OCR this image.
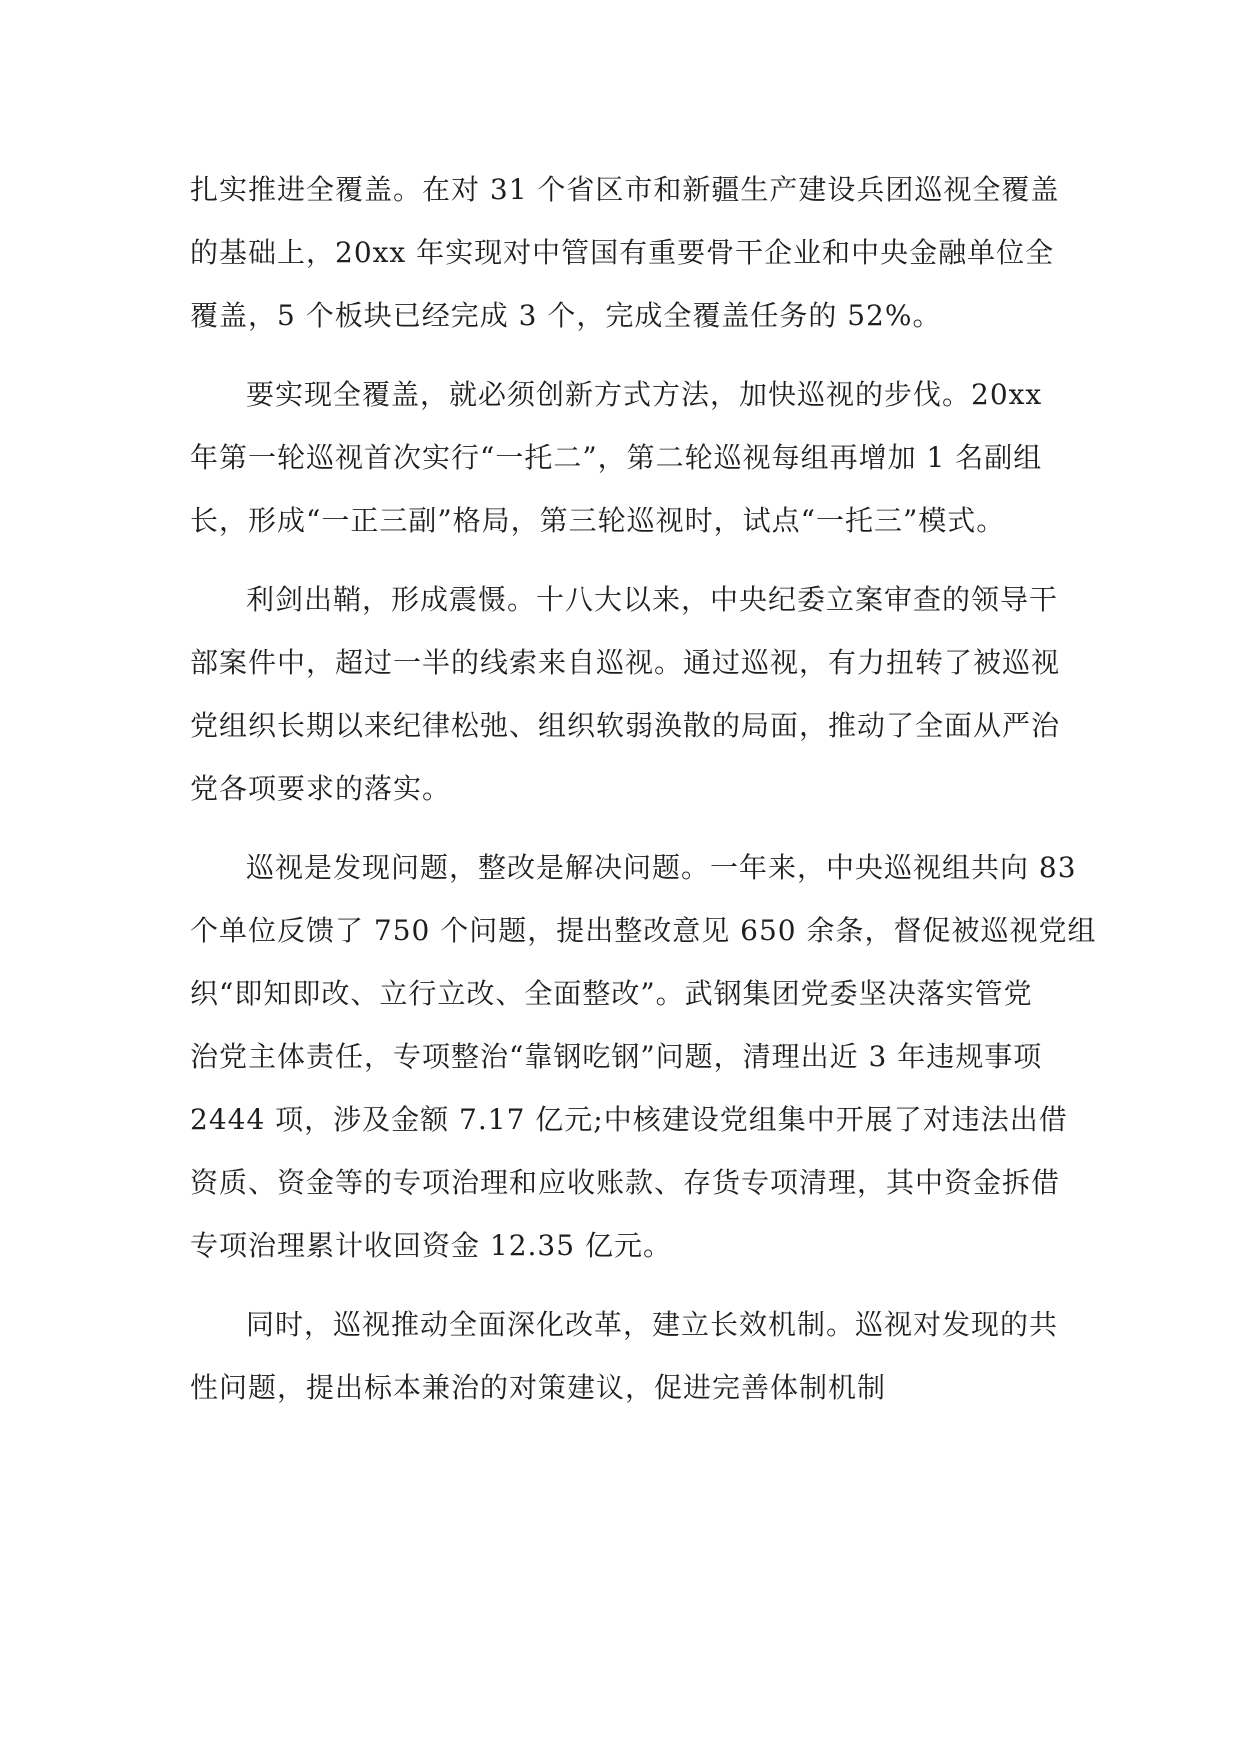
扎实推进全覆盖。在对 31 个省区市和新疆生产建设兵团巡视全覆盖
的基础上，20xx 年实现对中管国有重要骨干企业和中央金融单位全
覆盖，5 个板块已经完成 3 个，完成全覆盖任务的 52%。
要实现全覆盖，就必须创新方式方法，加快巡视的步伐。20xx
年第一轮巡视首次实行“一托二”，第二轮巡视每组再增加 1 名副组
长，形成“一正三副”格局，第三轮巡视时，试点“一托三”模式。
利剑出鞘，形成震慑。十八大以来，中央纪委立案审查的领导干
部案件中，超过一半的线索来自巡视。通过巡视，有力扭转了被巡视
党组织长期以来纪律松弛、组织软弱涣散的局面，推动了全面从严治
党各项要求的落实。
巡视是发现问题，整改是解决问题。一年来，中央巡视组共向 83
个单位反馈了 750 个问题，提出整改意见 650 余条，督促被巡视党组
织“即知即改、立行立改、全面整改”。武钢集团党委坚决落实管党
治党主体责任，专项整治“靠钢吃钢”问题，清理出近 3 年违规事项
2444 项，涉及金额 7.17 亿元;中核建设党组集中开展了对违法出借
资质、资金等的专项治理和应收账款、存货专项清理，其中资金拆借
专项治理累计收回资金 12.35 亿元。
同时，巡视推动全面深化改革，建立长效机制。巡视对发现的共
性问题，提出标本兼治的对策建议，促进完善体制机制
